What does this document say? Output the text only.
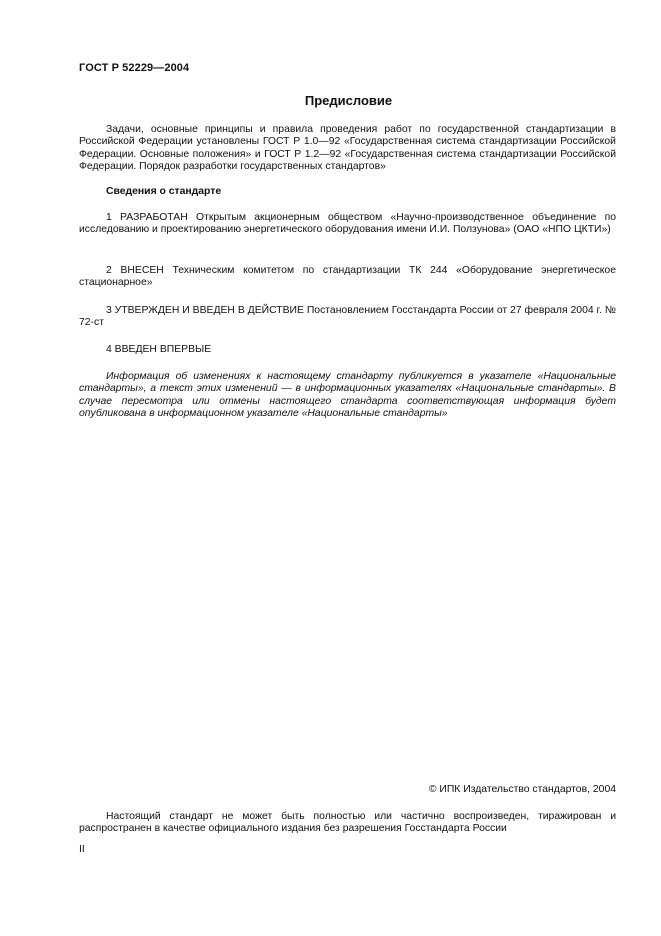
ГОСТ Р 52229—2004
Предисловие

Задачи, основные принципы и правила проведения работ по государственной стандартизации в Российской Федерации установлены ГОСТ Р 1.0—92 «Государственная система стандартизации Российской Федерации. Основные положения» и ГОСТ Р 1.2—92 «Государственная система стандартизации Российской Федерации. Порядок разработки государственных стандартов»

Сведения о стандарте

1 РАЗРАБОТАН Открытым акционерным обществом «Научно-производственное объединение по исследованию и проектированию энергетического оборудования имени И.И. Ползунова» (ОАО «НПО ЦКТИ»)

2 ВНЕСЕН Техническим комитетом по стандартизации ТК 244 «Оборудование энергетическое стационарное»

3 УТВЕРЖДЕН И ВВЕДЕН В ДЕЙСТВИЕ Постановлением Госстандарта России от 27 февраля 2004 г. № 72-ст

4 ВВЕДЕН ВПЕРВЫЕ

Информация об изменениях к настоящему стандарту публикуется в указателе «Национальные стандарты», а текст этих изменений — в информационных указателях «Национальные стандарты». В случае пересмотра или отмены настоящего стандарта соответствующая информация будет опубликована в информационном указателе «Национальные стандарты»

© ИПК Издательство стандартов, 2004

Настоящий стандарт не может быть полностью или частично воспроизведен, тиражирован и распространен в качестве официального издания без разрешения Госстандарта России

II
